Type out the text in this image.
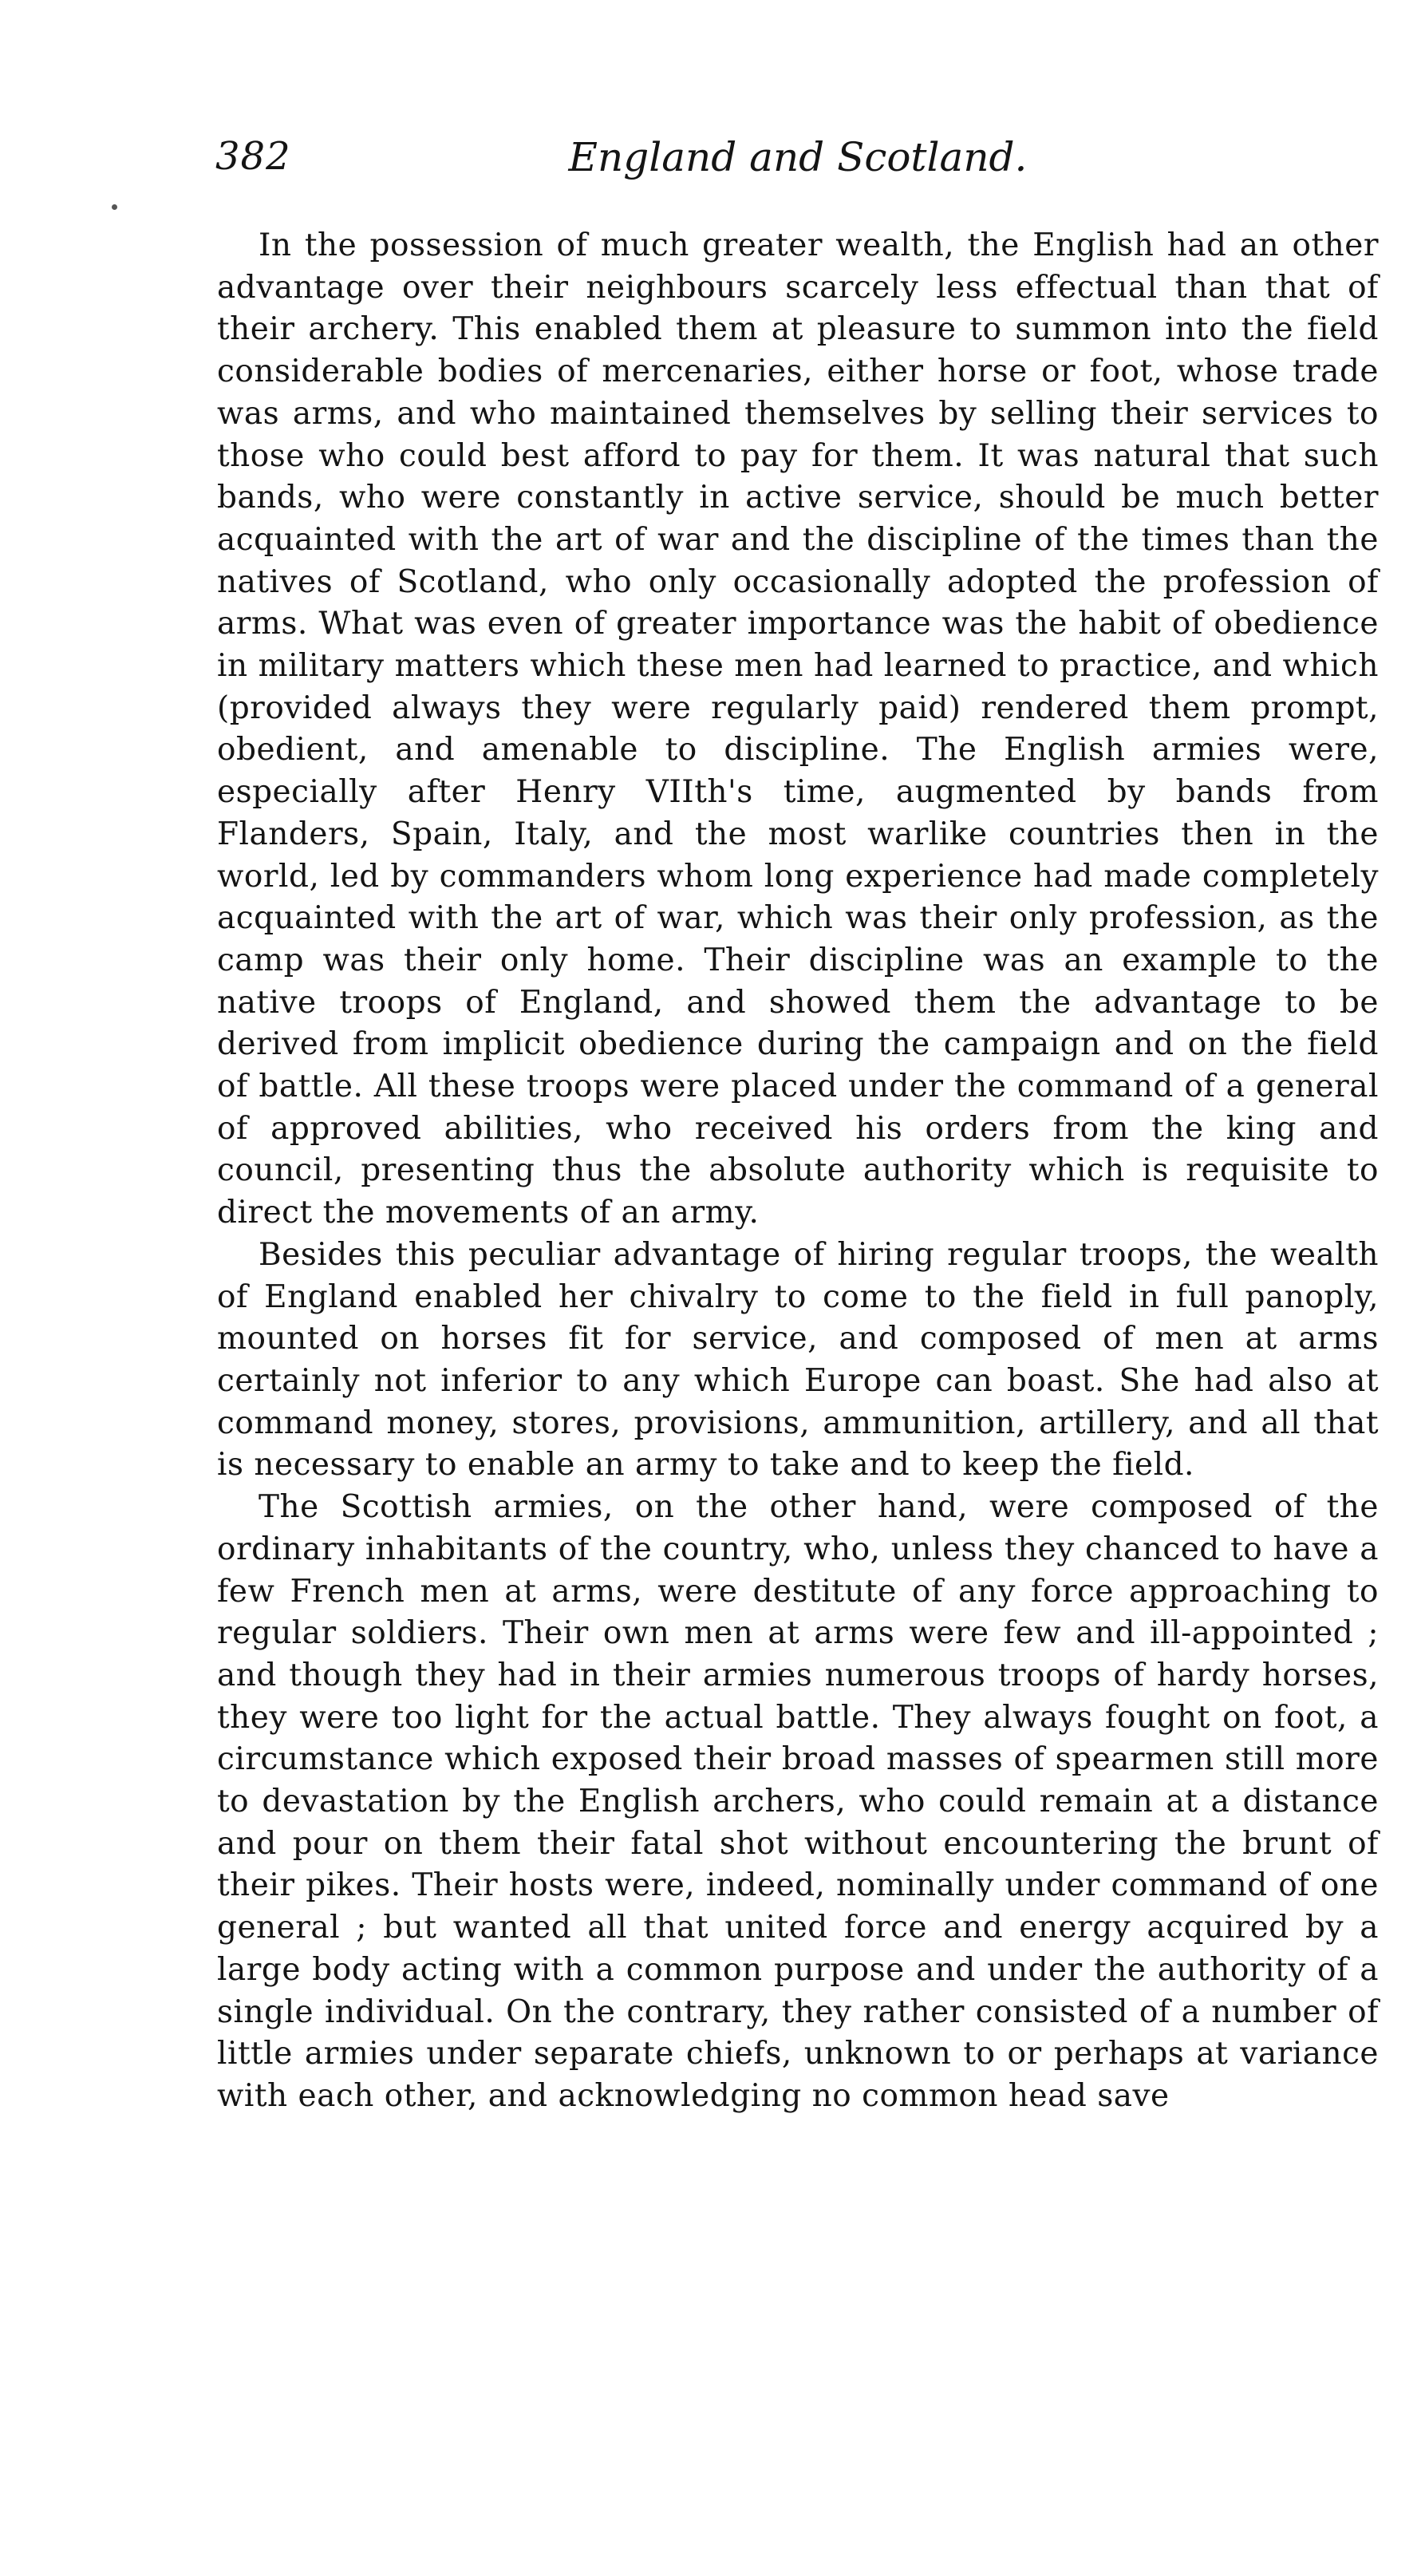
382	England and Scotland.

In the possession of much greater wealth, the English had an other advantage over their neighbours scarcely less effectual than that of their archery. This enabled them at pleasure to summon into the field considerable bodies of mercenaries, either horse or foot, whose trade was arms, and who maintained themselves by selling their services to those who could best afford to pay for them. It was natural that such bands, who were constantly in active service, should be much better acquainted with the art of war and the discipline of the times than the natives of Scotland, who only occasionally adopted the profession of arms. What was even of greater importance was the habit of obedience in military matters which these men had learned to practice, and which (provided always they were regularly paid) rendered them prompt, obedient, and amenable to discipline. The English armies were, especially after Henry VIIth's time, augmented by bands from Flanders, Spain, Italy, and the most warlike countries then in the world, led by commanders whom long experience had made completely acquainted with the art of war, which was their only profession, as the camp was their only home. Their discipline was an example to the native troops of England, and showed them the advantage to be derived from implicit obedience during the campaign and on the field of battle. All these troops were placed under the command of a general of approved abilities, who received his orders from the king and council, presenting thus the absolute authority which is requisite to direct the movements of an army.

Besides this peculiar advantage of hiring regular troops, the wealth of England enabled her chivalry to come to the field in full panoply, mounted on horses fit for service, and composed of men at arms certainly not inferior to any which Europe can boast. She had also at command money, stores, provisions, ammunition, artillery, and all that is necessary to enable an army to take and to keep the field.

The Scottish armies, on the other hand, were composed of the ordinary inhabitants of the country, who, unless they chanced to have a few French men at arms, were destitute of any force approaching to regular soldiers. Their own men at arms were few and ill-appointed ; and though they had in their armies numerous troops of hardy horses, they were too light for the actual battle. They always fought on foot, a circumstance which exposed their broad masses of spearmen still more to devastation by the English archers, who could remain at a distance and pour on them their fatal shot without encountering the brunt of their pikes. Their hosts were, indeed, nominally under command of one general ; but wanted all that united force and energy acquired by a large body acting with a common purpose and under the authority of a single individual. On the contrary, they rather consisted of a number of little armies under separate chiefs, unknown to or perhaps at variance with each other, and acknowledging no common head save
